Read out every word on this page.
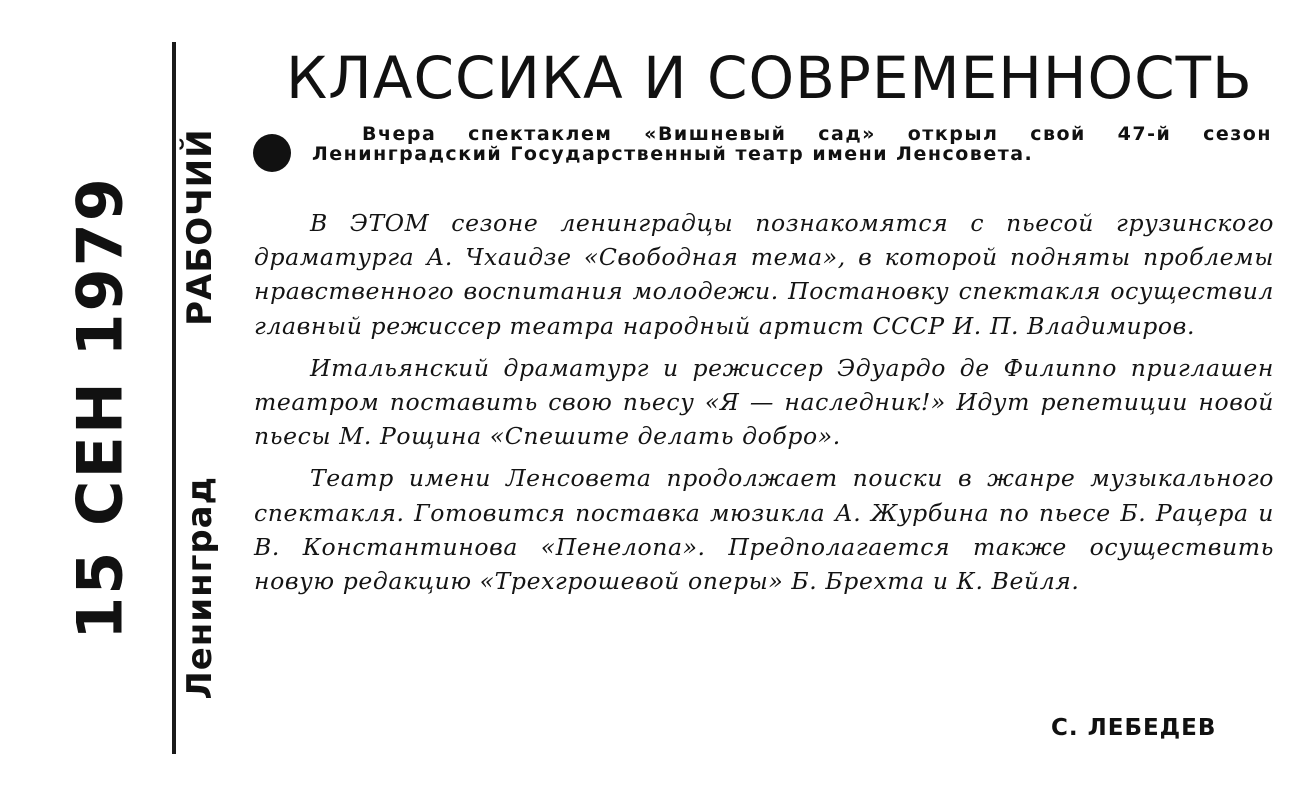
15 СЕН 1979 ЛенинградРАБОЧИЙ
КЛАССИКА И СОВРЕМЕННОСТЬ
Вчера спектаклем «Вишневый сад» открыл свой 47-й сезон Ленинградский Государственный театр имени Ленсовета.

В ЭТОМ сезоне ленинградцы познакомятся с пьесой грузинского драматурга А. Чхаидзе «Свободная тема», в которой подняты проблемы нравственного воспитания молодежи. Постановку спектакля осуществил главный режиссер театра народный артист СССР И. П. Владимиров.

Итальянский драматург и режиссер Эдуардо де Филиппо приглашен театром поставить свою пьесу «Я — наследник!» Идут репетиции новой пьесы М. Рощина «Спешите делать добро».

Театр имени Ленсовета продолжает поиски в жанре музыкального спектакля. Готовится поставка мюзикла А. Журбина по пьесе Б. Рацера и В. Константинова «Пенелопа». Предполагается также осуществить новую редакцию «Трехгрошевой оперы» Б. Брехта и К. Вейля.

С. ЛЕБЕДЕВ
